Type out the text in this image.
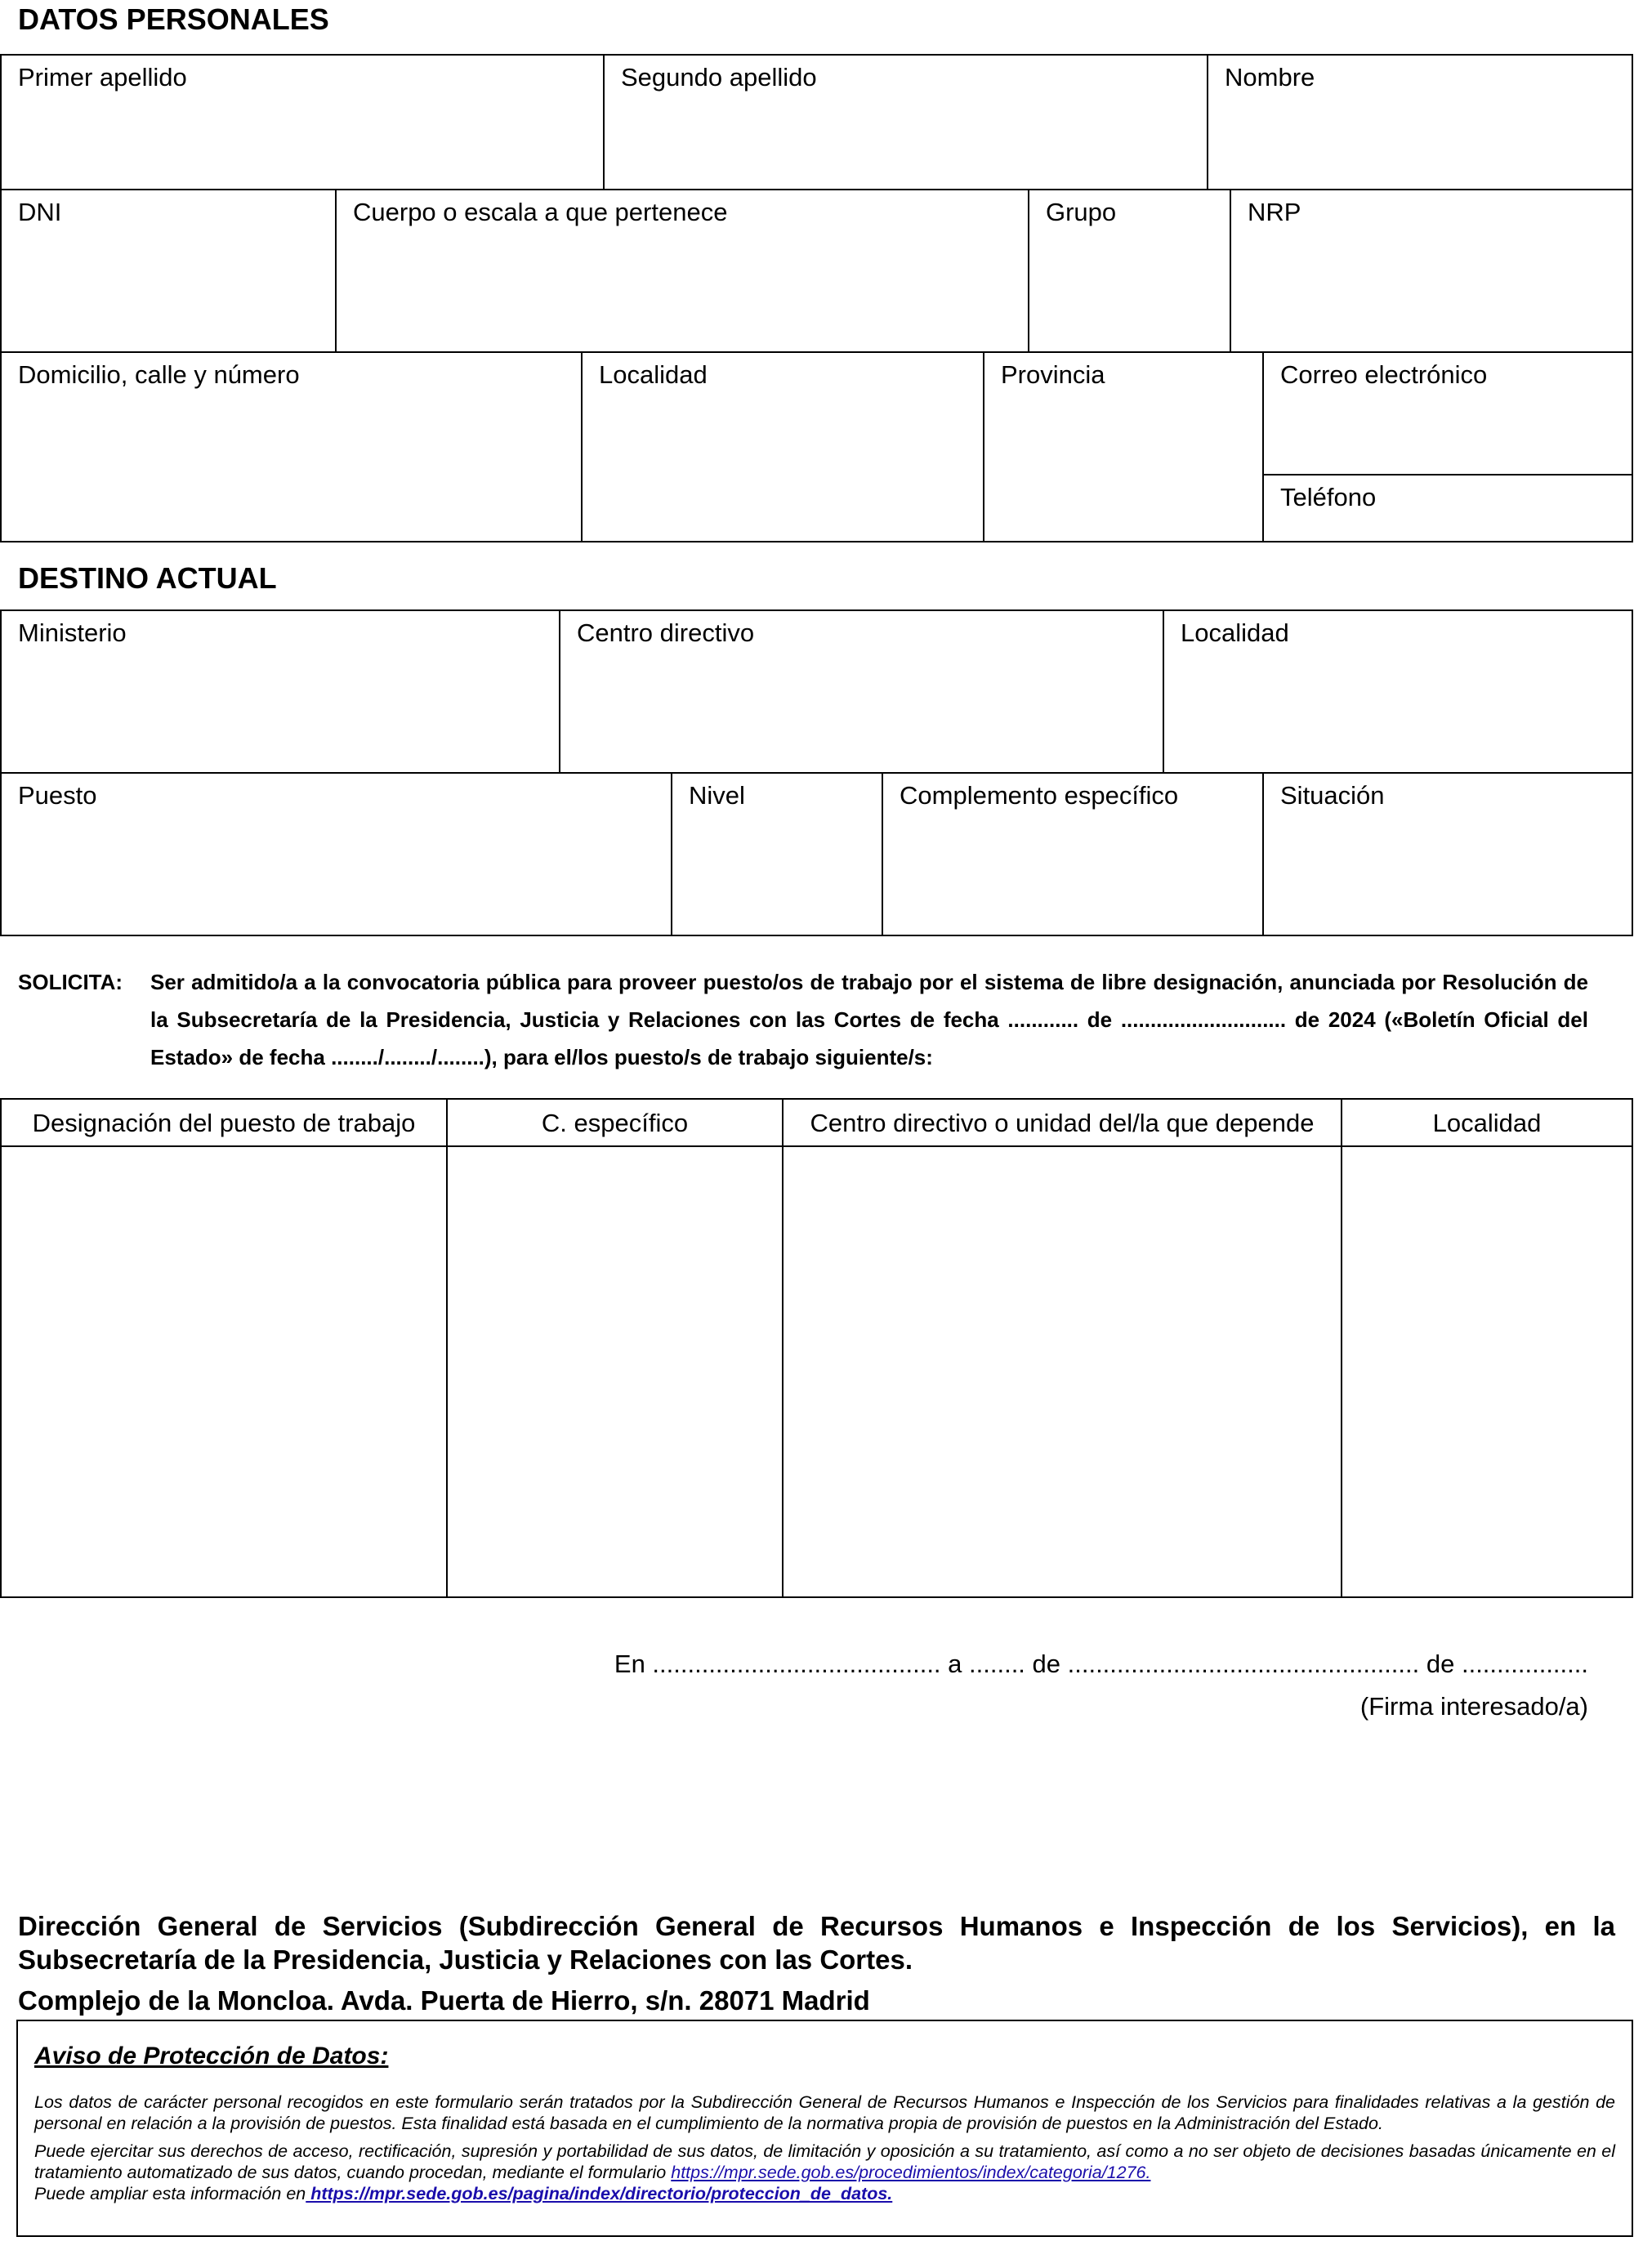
DATOS PERSONALES
Primer apellido	Segundo apellido	Nombre
DNI	Cuerpo o escala a que pertenece	Grupo	NRP
Domicilio, calle y número	Localidad	Provincia	Correo electrónico
Teléfono
DESTINO ACTUAL
Ministerio	Centro directivo	Localidad
Puesto	Nivel	Complemento específico	Situación
SOLICITA:	Ser admitido/a a la convocatoria pública para proveer puesto/os de trabajo por el sistema de libre designación, anunciada por Resolución de la Subsecretaría de la Presidencia, Justicia y Relaciones con las Cortes de fecha ............ de ............................ de 2024 («Boletín Oficial del Estado» de fecha ......../......../........), para el/los puesto/s de trabajo siguiente/s:
Designación del puesto de trabajo	C. específico	Centro directivo o unidad del/la que depende	Localidad
En ......................................... a ........ de .................................................. de ..................
(Firma interesado/a)
Dirección General de Servicios (Subdirección General de Recursos Humanos e Inspección de los Servicios), en la Subsecretaría de la Presidencia, Justicia y Relaciones con las Cortes.
Complejo de la Moncloa. Avda. Puerta de Hierro, s/n. 28071 Madrid
Aviso de Protección de Datos:
Los datos de carácter personal recogidos en este formulario serán tratados por la Subdirección General de Recursos Humanos e Inspección de los Servicios para finalidades relativas a la gestión de personal en relación a la provisión de puestos. Esta finalidad está basada en el cumplimiento de la normativa propia de provisión de puestos en la Administración del Estado.
Puede ejercitar sus derechos de acceso, rectificación, supresión y portabilidad de sus datos, de limitación y oposición a su tratamiento, así como a no ser objeto de decisiones basadas únicamente en el tratamiento automatizado de sus datos, cuando procedan, mediante el formulario https://mpr.sede.gob.es/procedimientos/index/categoria/1276.
Puede ampliar esta información en https://mpr.sede.gob.es/pagina/index/directorio/proteccion_de_datos.
